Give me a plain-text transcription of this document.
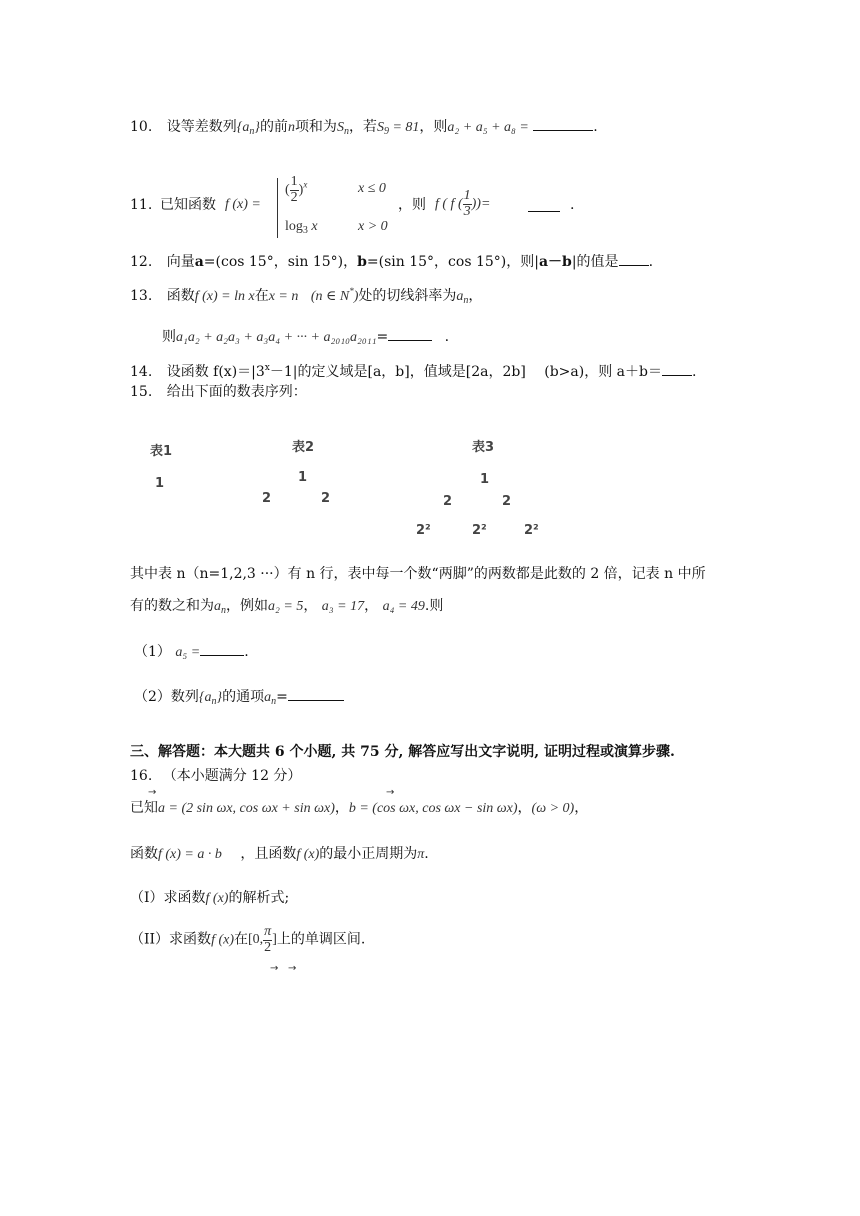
10. 设等差数列$\{a_n\}$的前n项和为$S_n$，若$S_9 = 81$，则a₂ + a₅ + a₈ =	.
11. 已知函数 f (x) =
( $\frac{1}{2} )^x$	x ≤ 0
$\log_3 x$	x > 0
，则 f ( f ( $\frac{1}{3}$ ))=	.
12. 向量a=(cos 15°，sin 15°)，b=(sin 15°，cos 15°)，则|a－b|的值是 .
13. 函数f (x) = ln x在x = n (n ∈ N*)处的切线斜率为$a_n$，
则a₁a₂ + a₂a₃ + a₃a₄ + ··· + a₂₀₁₀a₂₀₁₁=	.
14. 设函数 $f(x)=|3^x-1|$的定义域是[a，b]，值域是[2a，2b] (b>a)，则 a＋b＝ .
15. 给出下面的数表序列：
表1
1
表2
1
2	2
表3
1
2	2
2²	2²	2²
其中表 n（n=1,2,3 ···）有 n 行，表中每一个数“两脚”的两数都是此数的 2 倍，记表 n 中所
有的数之和为$a_n$，例如a₂ = 5， a₃ = 17， a₄ = 49.则
（1） a₅ =	.
（2）数列$\{a_n\}$的通项$a_n=$
三、解答题：本大题共 6 个小题, 共 75 分, 解答应写出文字说明, 证明过程或演算步骤.
16. （本小题满分 12 分）
→	→
已知a = (2 sin ωx, cos ωx + sin ωx)，b = (cos ωx, cos ωx − sin ωx)，(ω > 0)，
函数f (x) = a · b ，且函数f (x)的最小正周期为π.
（I）求函数f (x)的解析式;
（II）求函数f (x)在[0, $\frac{\pi}{2}$ ]上的单调区间.
→ →
